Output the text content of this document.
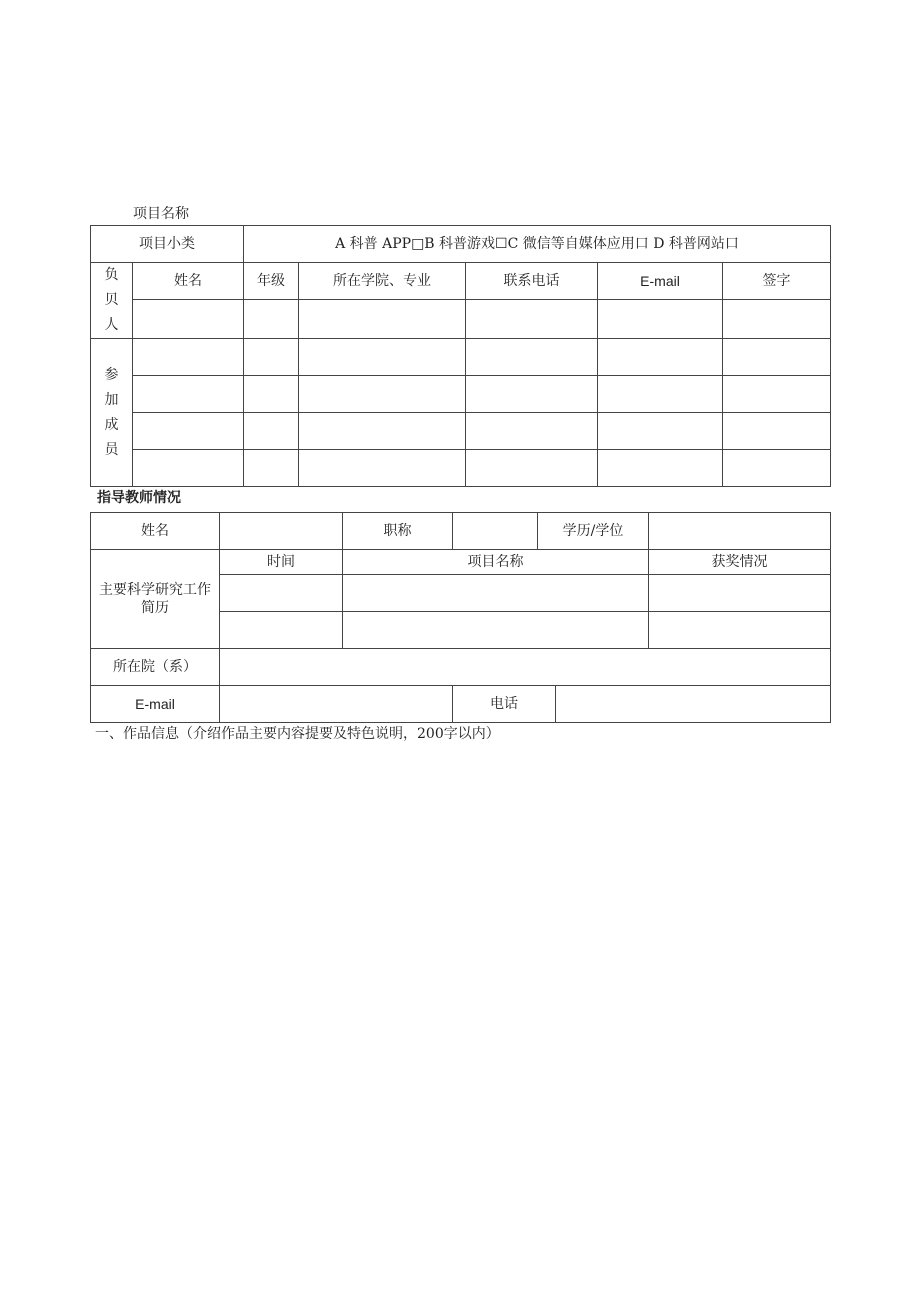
项目名称
项目小类		A 科普 APP□B 科普游戏☐C 微信等自媒体应用口 D 科普网站口				

负
贝
人	姓名	年级	所在学院、专业	联系电话	E-mail	签字

参
加
成
员						

指导教师情况
姓名		职称		学历/学位		
主要科学研究工作简历	时间	项目名称				获奖情况

所在院（系）						
E-mail			电话			
一、作品信息（介绍作品主要内容提要及特色说明，200字以内）
